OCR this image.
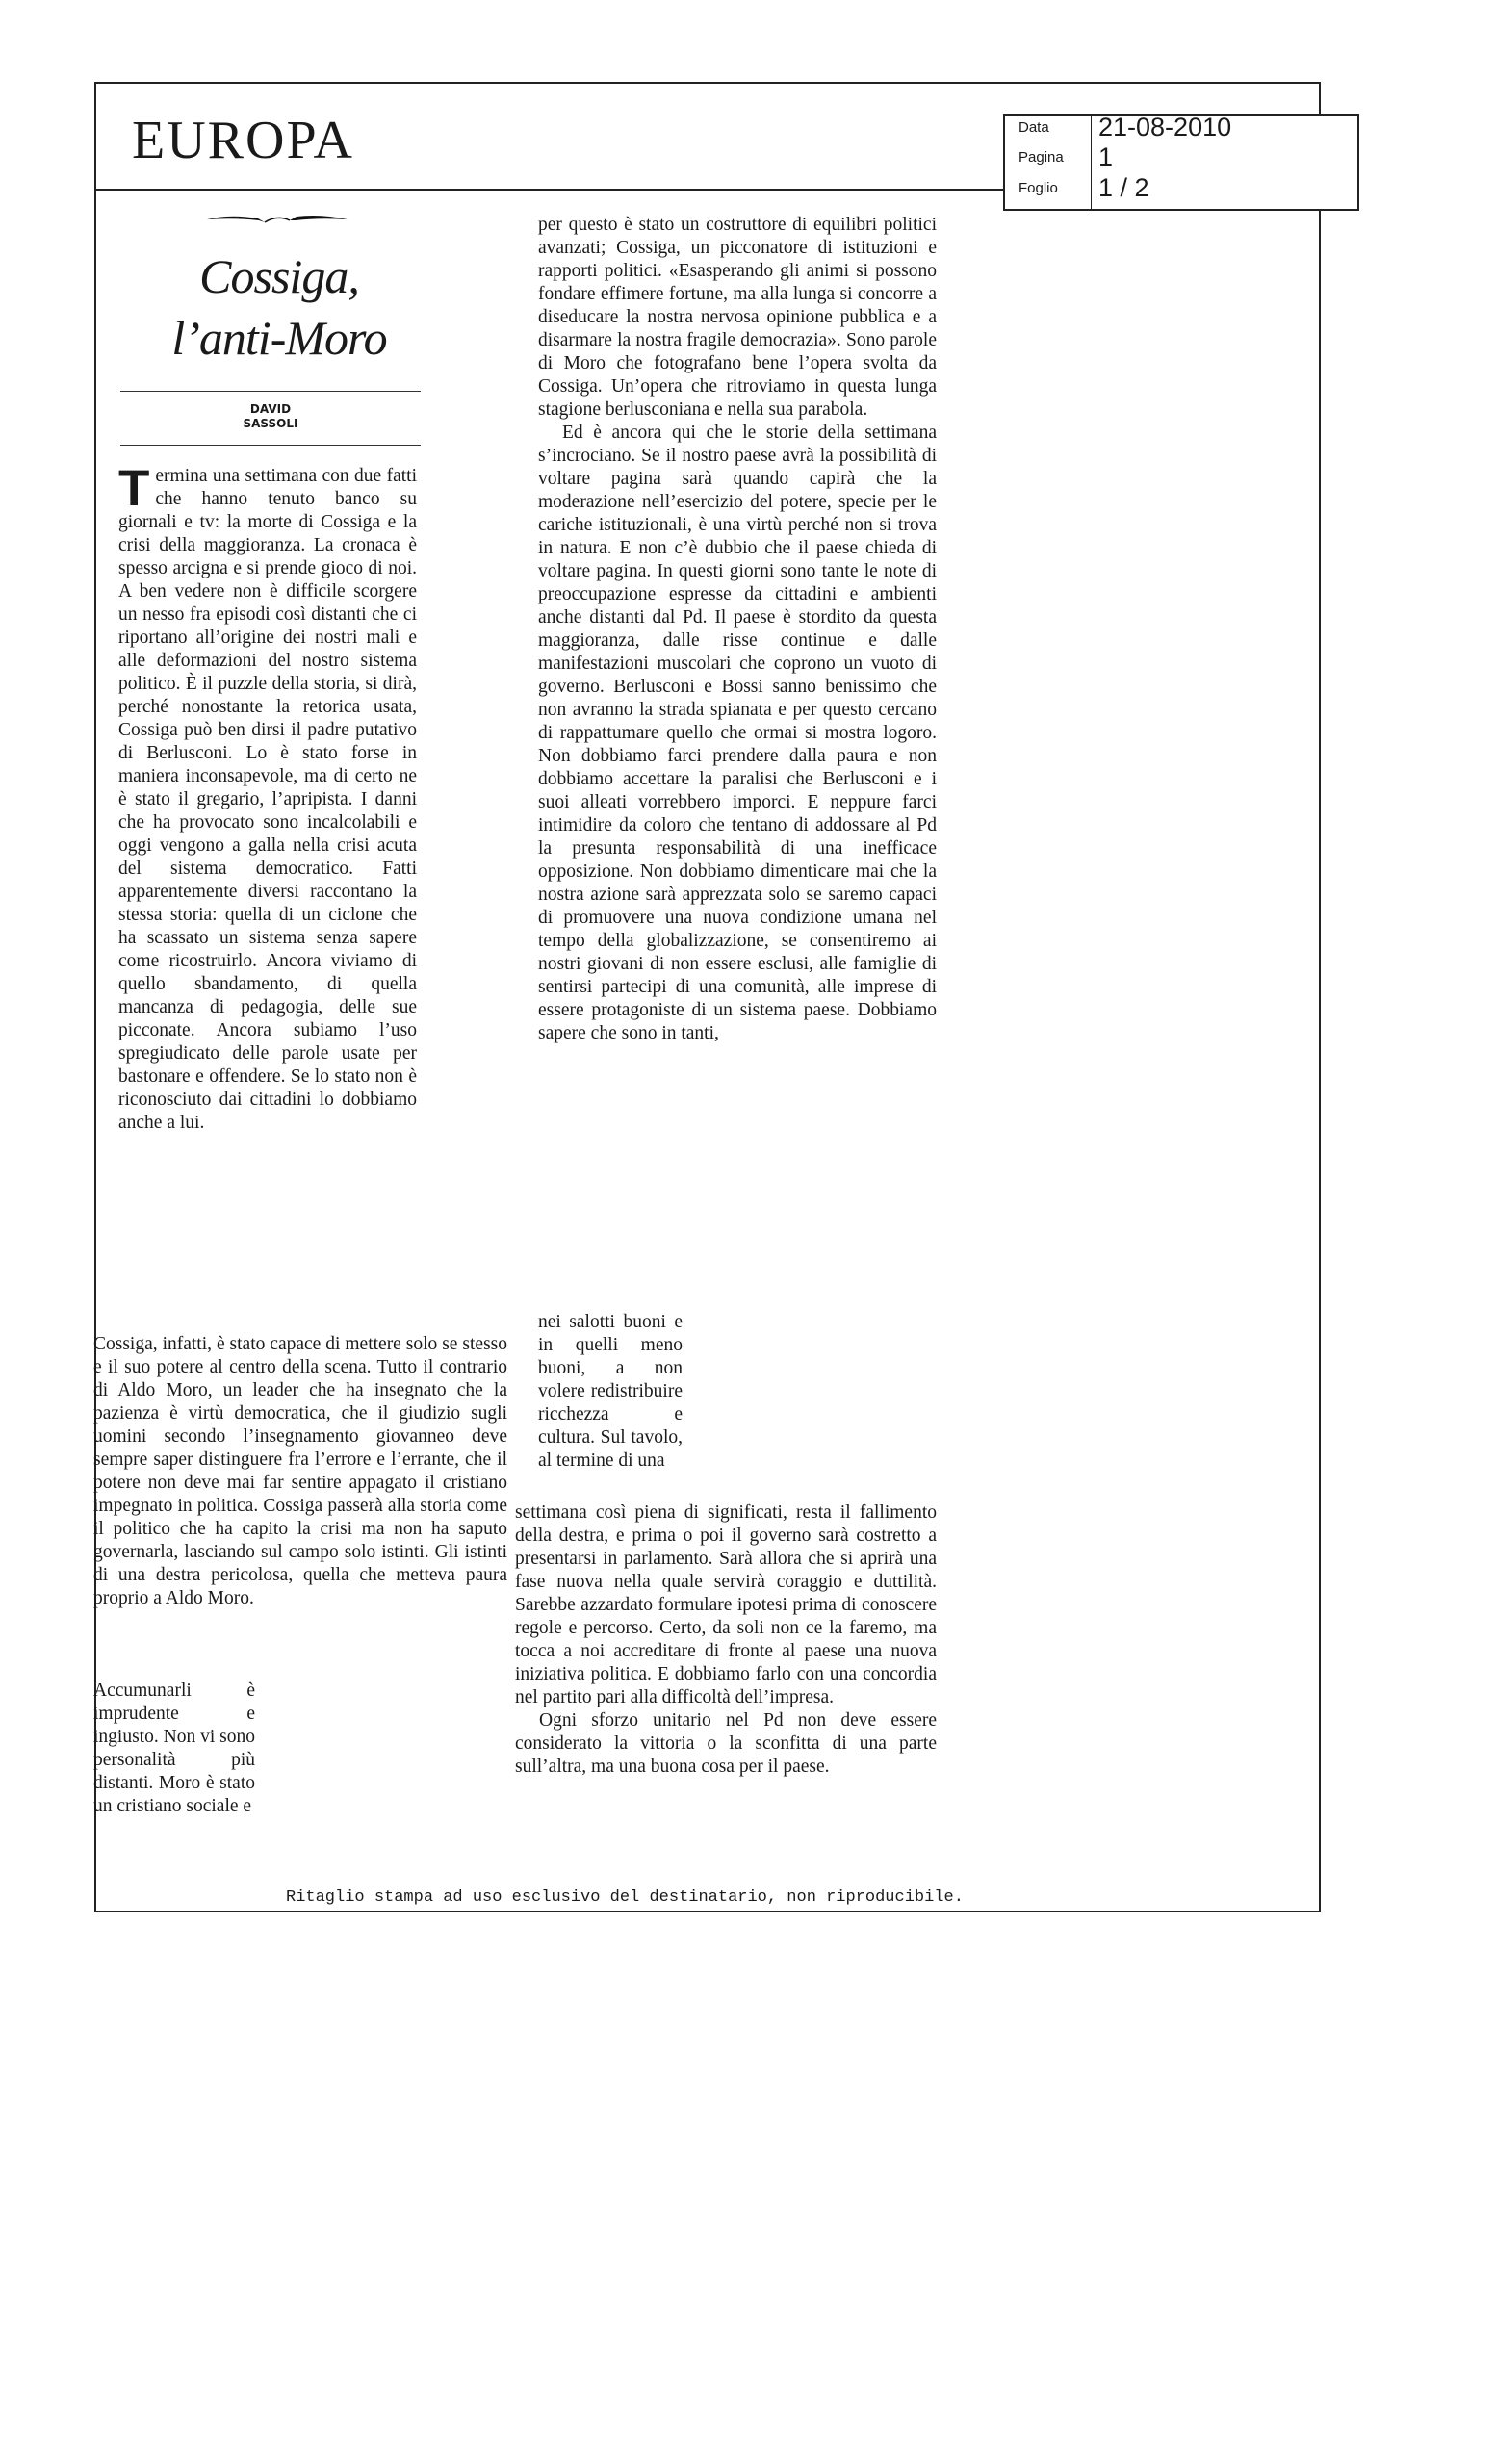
EUROPA	Data 21-08-2010
Pagina 1
Foglio 1 / 2
Cossiga,
l’anti-Moro
DAVID
SASSOLI
T ermina una settimana con due fatti che hanno tenuto banco su giornali e tv: la morte di Cossiga e la crisi della maggioranza. La cronaca è spesso arcigna e si prende gioco di noi. A ben vedere non è difficile scorgere un nesso fra episodi così distanti che ci riportano all’origine dei nostri mali e alle deformazioni del nostro sistema politico. È il puzzle della storia, si dirà, perché nonostante la retorica usata, Cossiga può ben dirsi il padre putativo di Berlusconi. Lo è stato forse in maniera inconsapevole, ma di certo ne è stato il gregario, l’apripista. I danni che ha provocato sono incalcolabili e oggi vengono a galla nella crisi acuta del sistema democratico. Fatti apparentemente diversi raccontano la stessa storia: quella di un ciclone che ha scassato un sistema senza sapere come ricostruirlo. Ancora viviamo di quello sbandamento, di quella mancanza di pedagogia, delle sue picconate. Ancora subiamo l’uso spregiudicato delle parole usate per bastonare e offendere. Se lo stato non è riconosciuto dai cittadini lo dobbiamo anche a lui.

Cossiga, infatti, è stato capace di mettere solo se stesso e il suo potere al centro della scena. Tutto il contrario di Aldo Moro, un leader che ha insegnato che la pazienza è virtù democratica, che il giudizio sugli uomini secondo l’insegnamento giovanneo deve sempre saper distinguere fra l’errore e l’errante, che il potere non deve mai far sentire appagato il cristiano impegnato in politica. Cossiga passerà alla storia come il politico che ha capito la crisi ma non ha saputo governarla, lasciando sul campo solo istinti. Gli istinti di una destra pericolosa, quella che metteva paura proprio a Aldo Moro.

Accumunarli è imprudente e ingiusto. Non vi sono personalità più distanti. Moro è stato un cristiano sociale e

per questo è stato un costruttore di equilibri politici avanzati; Cossiga, un picconatore di istituzioni e rapporti politici. «Esasperando gli animi si possono fondare effimere fortune, ma alla lunga si concorre a diseducare la nostra nervosa opinione pubblica e a disarmare la nostra fragile democrazia». Sono parole di Moro che fotografano bene l’opera svolta da Cossiga. Un’opera che ritroviamo in questa lunga stagione berlusconiana e nella sua parabola.

Ed è ancora qui che le storie della settimana s’incrociano. Se il nostro paese avrà la possibilità di voltare pagina sarà quando capirà che la moderazione nell’esercizio del potere, specie per le cariche istituzionali, è una virtù perché non si trova in natura. E non c’è dubbio che il paese chieda di voltare pagina. In questi giorni sono tante le note di preoccupazione espresse da cittadini e ambienti anche distanti dal Pd. Il paese è stordito da questa maggioranza, dalle risse continue e dalle manifestazioni muscolari che coprono un vuoto di governo. Berlusconi e Bossi sanno benissimo che non avranno la strada spianata e per questo cercano di rappattumare quello che ormai si mostra logoro. Non dobbiamo farci prendere dalla paura e non dobbiamo accettare la paralisi che Berlusconi e i suoi alleati vorrebbero imporci. E neppure farci intimidire da coloro che tentano di addossare al Pd la presunta responsabilità di una inefficace opposizione. Non dobbiamo dimenticare mai che la nostra azione sarà apprezzata solo se saremo capaci di promuovere una nuova condizione umana nel tempo della globalizzazione, se consentiremo ai nostri giovani di non essere esclusi, alle famiglie di sentirsi partecipi di una comunità, alle imprese di essere protagoniste di un sistema paese. Dobbiamo sapere che sono in tanti,

nei salotti buoni e in quelli meno buoni, a non volere redistribuire ricchezza e cultura. Sul tavolo, al termine di una

settimana così piena di significati, resta il fallimento della destra, e prima o poi il governo sarà costretto a presentarsi in parlamento. Sarà allora che si aprirà una fase nuova nella quale servirà coraggio e duttilità. Sarebbe azzardato formulare ipotesi prima di conoscere regole e percorso. Certo, da soli non ce la faremo, ma tocca a noi accreditare di fronte al paese una nuova iniziativa politica. E dobbiamo farlo con una concordia nel partito pari alla difficoltà dell’impresa.

Ogni sforzo unitario nel Pd non deve essere considerato la vittoria o la sconfitta di una parte sull’altra, ma una buona cosa per il paese.

Ritaglio stampa ad uso esclusivo del destinatario, non riproducibile.
